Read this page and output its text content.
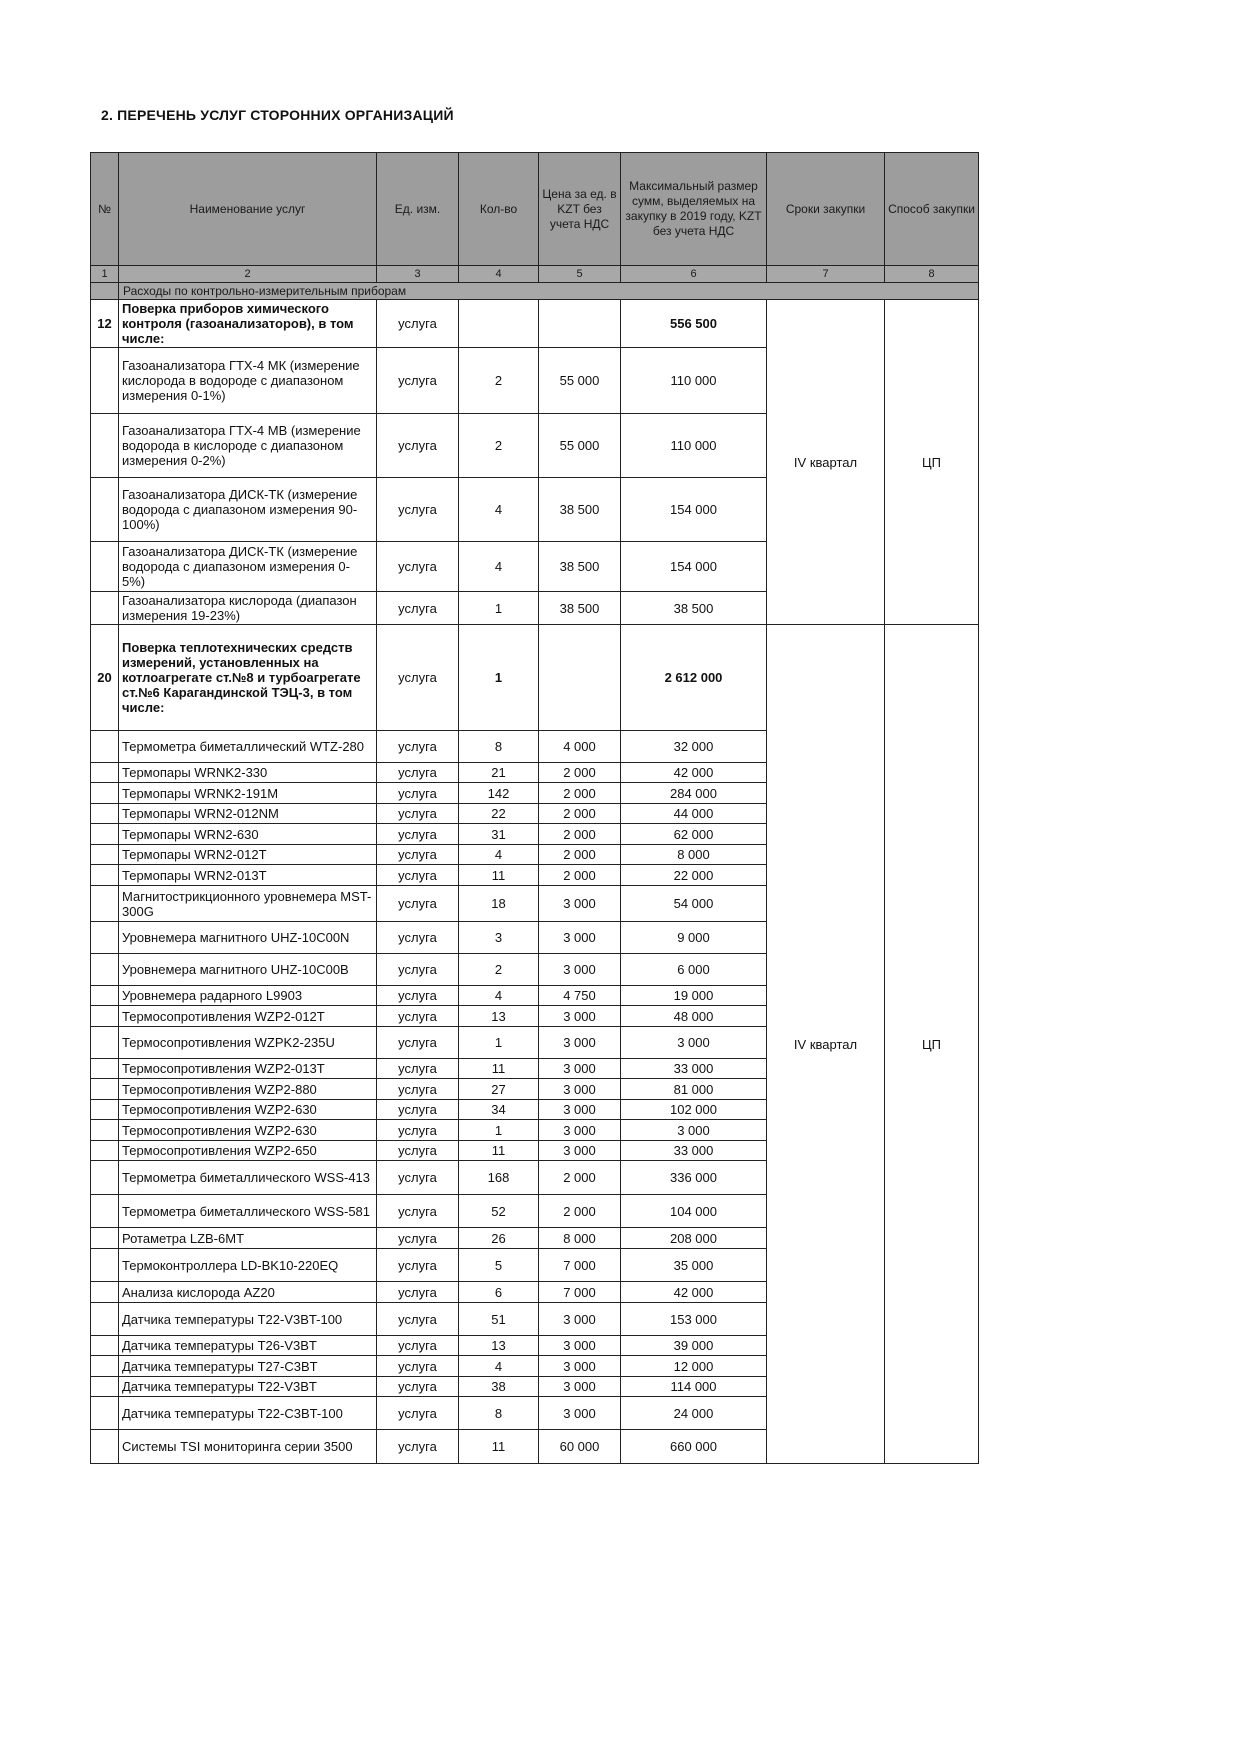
2. ПЕРЕЧЕНЬ УСЛУГ СТОРОННИХ ОРГАНИЗАЦИЙ
№	Наименование услуг	Ед. изм.	Кол-во	Цена за ед. в KZT без учета НДС	Максимальный размер сумм, выделяемых на закупку в 2019 году, KZT без учета НДС	Сроки закупки	Способ закупки
1	2	3	4	5	6	7	8
	Расходы по контрольно-измерительным приборам						
12	Поверка приборов химического контроля (газоанализаторов), в том числе:	услуга			556 500	IV квартал	ЦП
	Газоанализатора ГТХ-4 МК (измерение кислорода в водороде с диапазоном измерения 0-1%)	услуга	2	55 000	110 000		
	Газоанализатора ГТХ-4 МВ (измерение водорода в кислороде с диапазоном измерения 0-2%)	услуга	2	55 000	110 000		
	Газоанализатора ДИСК-ТК (измерение водорода с диапазоном измерения 90-100%)	услуга	4	38 500	154 000		
	Газоанализатора ДИСК-ТК (измерение водорода с диапазоном измерения 0-5%)	услуга	4	38 500	154 000		
	Газоанализатора кислорода (диапазон измерения 19-23%)	услуга	1	38 500	38 500		
20	Поверка теплотехнических средств измерений, установленных на котлоагрегате ст.№8 и турбоагрегате ст.№6 Карагандинской ТЭЦ-3, в том числе:	услуга	1		2 612 000	IV квартал	ЦП
	Термометра биметаллический WTZ-280	услуга	8	4 000	32 000		
	Термопары WRNK2-330	услуга	21	2 000	42 000		
	Термопары WRNK2-191M	услуга	142	2 000	284 000		
	Термопары WRN2-012NM	услуга	22	2 000	44 000		
	Термопары WRN2-630	услуга	31	2 000	62 000		
	Термопары WRN2-012T	услуга	4	2 000	8 000		
	Термопары WRN2-013T	услуга	11	2 000	22 000		
	Магнитострикционного уровнемера MST-300G	услуга	18	3 000	54 000		
	Уровнемера магнитного UHZ-10C00N	услуга	3	3 000	9 000		
	Уровнемера магнитного UHZ-10C00B	услуга	2	3 000	6 000		
	Уровнемера радарного L9903	услуга	4	4 750	19 000		
	Термосопротивления WZP2-012T	услуга	13	3 000	48 000		
	Термосопротивления WZPK2-235U	услуга	1	3 000	3 000		
	Термосопротивления WZP2-013T	услуга	11	3 000	33 000		
	Термосопротивления WZP2-880	услуга	27	3 000	81 000		
	Термосопротивления WZP2-630	услуга	34	3 000	102 000		
	Термосопротивления WZP2-630	услуга	1	3 000	3 000		
	Термосопротивления WZP2-650	услуга	11	3 000	33 000		
	Термометра биметаллического WSS-413	услуга	168	2 000	336 000		
	Термометра биметаллического WSS-581	услуга	52	2 000	104 000		
	Ротаметра LZB-6MT	услуга	26	8 000	208 000		
	Термоконтроллера LD-BK10-220EQ	услуга	5	7 000	35 000		
	Анализа кислорода AZ20	услуга	6	7 000	42 000		
	Датчика температуры T22-V3BT-100	услуга	51	3 000	153 000		
	Датчика температуры T26-V3BT	услуга	13	3 000	39 000		
	Датчика температуры T27-C3BT	услуга	4	3 000	12 000		
	Датчика температуры T22-V3BT	услуга	38	3 000	114 000		
	Датчика температуры T22-C3BT-100	услуга	8	3 000	24 000		
	Системы TSI мониторинга серии 3500	услуга	11	60 000	660 000		
